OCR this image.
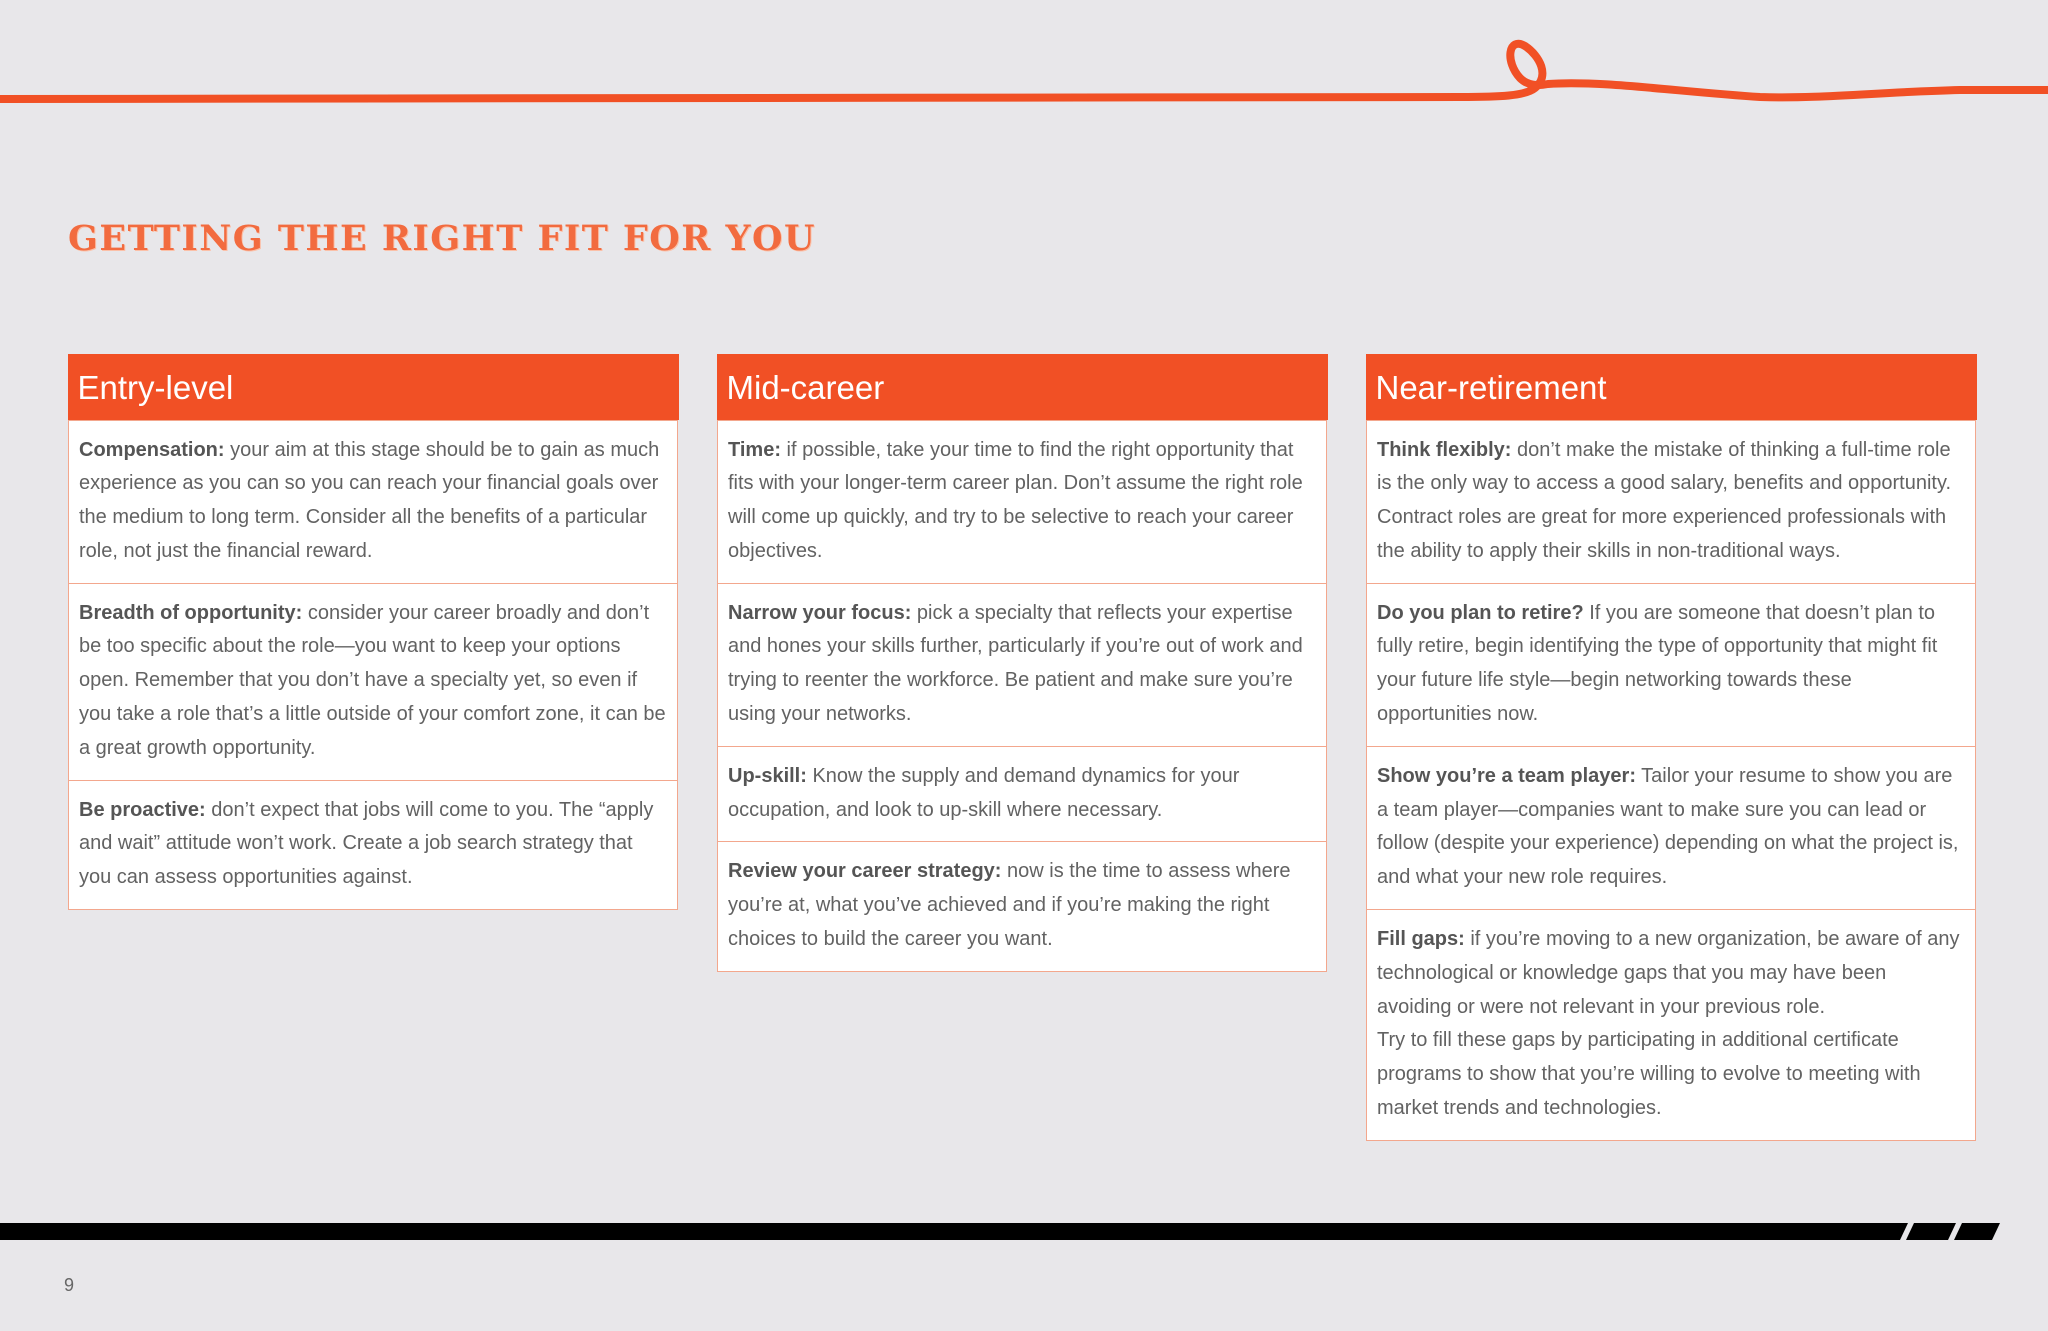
GETTING THE RIGHT FIT FOR YOU
Entry-level
Compensation: your aim at this stage should be to gain as much experience as you can so you can reach your financial goals over the medium to long term. Consider all the benefits of a particular role, not just the financial reward.
Breadth of opportunity: consider your career broadly and don’t be too specific about the role—you want to keep your options open. Remember that you don’t have a specialty yet, so even if you take a role that’s a little outside of your comfort zone, it can be a great growth opportunity.
Be proactive: don’t expect that jobs will come to you. The “apply and wait” attitude won’t work. Create a job search strategy that you can assess opportunities against.
Mid-career
Time: if possible, take your time to find the right opportunity that fits with your longer-term career plan. Don’t assume the right role will come up quickly, and try to be selective to reach your career objectives.
Narrow your focus: pick a specialty that reflects your expertise and hones your skills further, particularly if you’re out of work and trying to reenter the workforce. Be patient and make sure you’re using your networks.
Up-skill: Know the supply and demand dynamics for your occupation, and look to up-skill where necessary.
Review your career strategy: now is the time to assess where you’re at, what you’ve achieved and if you’re making the right choices to build the career you want.
Near-retirement
Think flexibly: don’t make the mistake of thinking a full-time role is the only way to access a good salary, benefits and opportunity. Contract roles are great for more experienced professionals with the ability to apply their skills in non-traditional ways.
Do you plan to retire? If you are someone that doesn’t plan to fully retire, begin identifying the type of opportunity that might fit your future life style—begin networking towards these opportunities now.
Show you’re a team player: Tailor your resume to show you are a team player—companies want to make sure you can lead or follow (despite your experience) depending on what the project is, and what your new role requires.
Fill gaps: if you’re moving to a new organization, be aware of any technological or knowledge gaps that you may have been avoiding or were not relevant in your previous role.
Try to fill these gaps by participating in additional certificate programs to show that you’re willing to evolve to meeting with market trends and technologies.
9
